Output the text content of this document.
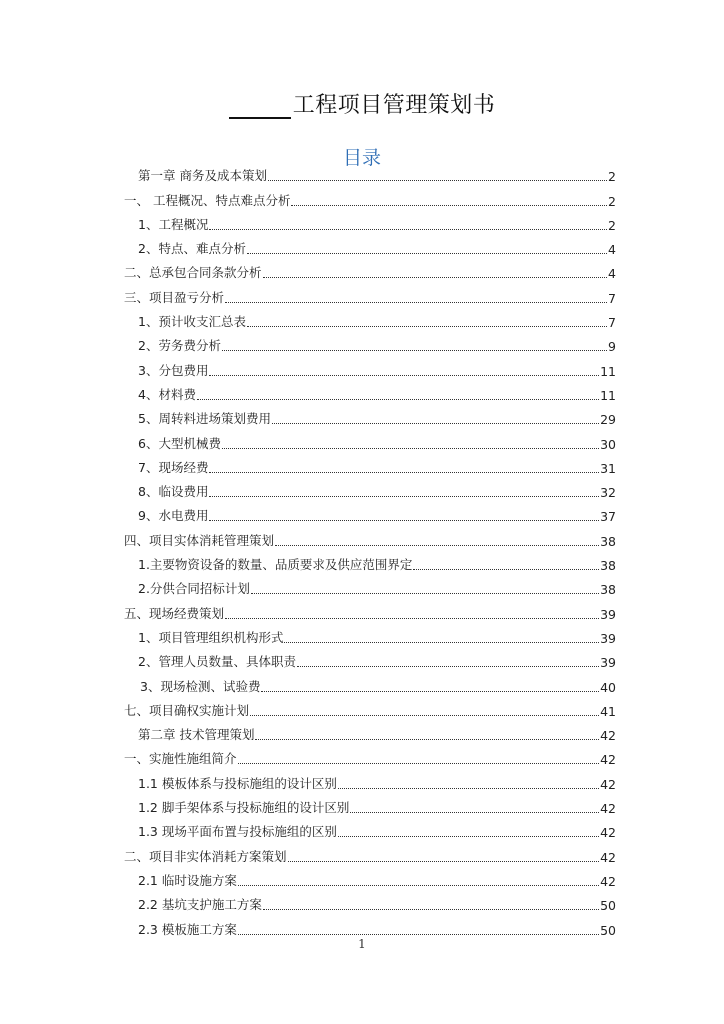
工程项目管理策划书
目录
第一章 商务及成本策划	2
一、 工程概况、特点难点分析	2
1、工程概况	2
2、特点、难点分析	4
二、总承包合同条款分析	4
三、项目盈亏分析	7
1、预计收支汇总表	7
2、劳务费分析	9
3、分包费用	11
4、材料费	11
5、周转料进场策划费用	29
6、大型机械费	30
7、现场经费	31
8、临设费用	32
9、水电费用	37
四、项目实体消耗管理策划	38
1.主要物资设备的数量、品质要求及供应范围界定	38
2.分供合同招标计划	38
五、现场经费策划	39
1、项目管理组织机构形式	39
2、管理人员数量、具体职责	39
3、现场检测、试验费	40
七、项目确权实施计划	41
第二章 技术管理策划	42
一、实施性施组简介	42
1.1 模板体系与投标施组的设计区别	42
1.2 脚手架体系与投标施组的设计区别	42
1.3 现场平面布置与投标施组的区别	42
二、项目非实体消耗方案策划	42
2.1 临时设施方案	42
2.2 基坑支护施工方案	50
2.3 模板施工方案	50
1
